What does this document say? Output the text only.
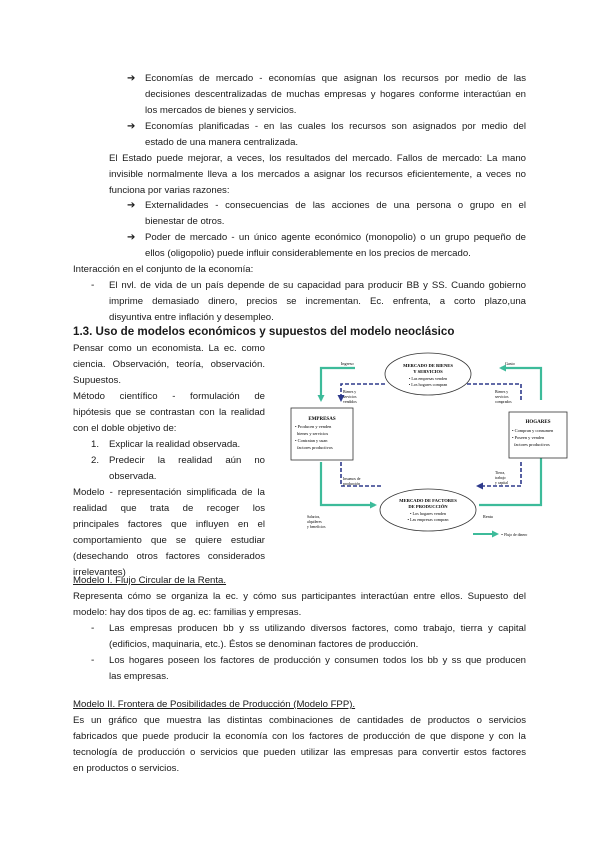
➔ Economías de mercado - economías que asignan los recursos por medio de las
decisiones descentralizadas de muchas empresas y hogares conforme interactúan en
los mercados de bienes y servicios.
➔ Economías planificadas - en las cuales los recursos son asignados por medio del
estado de una manera centralizada.
El Estado puede mejorar, a veces, los resultados del mercado. Fallos de mercado: La mano
invisible normalmente lleva a los mercados a asignar los recursos eficientemente, a veces no
funciona por varias razones:
➔ Externalidades - consecuencias de las acciones de una persona o grupo en el
bienestar de otros.
➔ Poder de mercado - un único agente económico (monopolio) o un grupo pequeño de
ellos (oligopolio) puede influir considerablemente en los precios de mercado.
Interacción en el conjunto de la economía:
- El nvl. de vida de un país depende de su capacidad para producir BB y SS. Cuando gobierno
imprime demasiado dinero, precios se incrementan. Ec. enfrenta, a corto plazo,una
disyuntiva entre inflación y desempleo.
1.3. Uso de modelos económicos y supuestos del modelo neoclásico
Pensar como un economista. La ec. como
ciencia. Observación, teoría, observación.
Supuestos.
Método científico - formulación de
hipótesis que se contrastan con la realidad
con el doble objetivo de:
1. Explicar la realidad observada.
2. Predecir la realidad aún no
observada.
Modelo - representación simplificada de la
realidad que trata de recoger los
principales factores que influyen en el
comportamiento que se quiere estudiar
(desechando otros factores considerados
irrelevantes)
MERCADO DE BIENES
Y SERVICIOS
• Las empresas venden
• Los hogares compran
MERCADO DE FACTORES
DE PRODUCCIÓN
• Los hogares venden
• Las empresas compran
EMPRESAS
• Producen y venden
bienes y servicios
• Contratan y usan
factores productivos
HOGARES
• Compran y consumen
• Poseen y venden
factores productivos
Ingreso	Gasto
Bienes y
servicios
vendidos
Bienes y
servicios
comprados
Insumos de
producción
Tierra,
trabajo
y capital
Salarios,
alquileres
y beneficios
Renta
= Flujo de dinero
Modelo I. Flujo Circular de la Renta.
Representa cómo se organiza la ec. y cómo sus participantes interactúan entre ellos. Supuesto del
modelo: hay dos tipos de ag. ec: familias y empresas.
- Las empresas producen bb y ss utilizando diversos factores, como trabajo, tierra y capital
(edificios, maquinaria, etc.). Éstos se denominan factores de producción.
- Los hogares poseen los factores de producción y consumen todos los bb y ss que producen
las empresas.
Modelo II. Frontera de Posibilidades de Producción (Modelo FPP).
Es un gráfico que muestra las distintas combinaciones de cantidades de productos o servicios
fabricados que puede producir la economía con los factores de producción de que dispone y con la
tecnología de producción o servicios que pueden utilizar las empresas para convertir estos factores
en productos o servicios.
